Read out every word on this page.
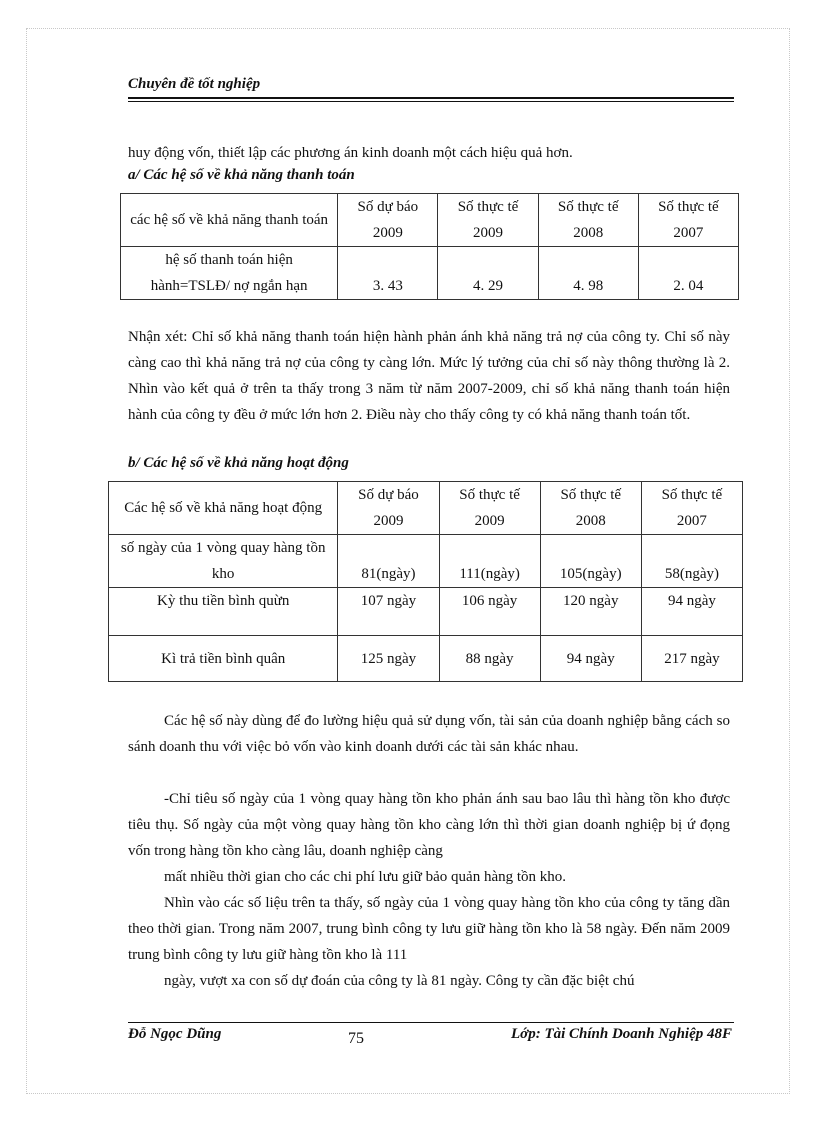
Chuyên đề tốt nghiệp
huy động vốn, thiết lập các phương án kinh doanh một cách hiệu quả hơn.
a/ Các hệ số về khả năng thanh toán
các hệ số về khả năng thanh toán	Số dự báo 2009	Số thực tế 2009	Số thực tế 2008	Số thực tế 2007
hệ số thanh toán hiện hành=TSLĐ/ nợ ngắn hạn	3. 43	4. 29	4. 98	2. 04
Nhận xét: Chỉ số khả năng thanh toán hiện hành phản ánh khả năng trả nợ của công ty. Chỉ số này càng cao thì khả năng trả nợ của công ty càng lớn. Mức lý tưởng của chỉ số này thông thường là 2. Nhìn vào kết quả ở trên ta thấy trong 3 năm từ năm 2007-2009, chỉ số khả năng thanh toán hiện hành của công ty đều ở mức lớn hơn 2. Điều này cho thấy công ty có khả năng thanh toán tốt.
b/ Các hệ số về khả năng hoạt động
Các hệ số về khả năng hoạt động	Số dự báo 2009	Số thực tế 2009	Số thực tế 2008	Số thực tế 2007
số ngày của 1 vòng quay hàng tồn kho	81(ngày)	111(ngày)	105(ngày)	58(ngày)
Kỳ thu tiền bình quừn	107 ngày	106 ngày	120 ngày	94 ngày
Kì trả tiền bình quân	125 ngày	88 ngày	94 ngày	217 ngày
Các hệ số này dùng để đo lường hiệu quả sử dụng vốn, tài sản của doanh nghiệp bằng cách so sánh doanh thu với việc bỏ vốn vào kinh doanh dưới các tài sản khác nhau.
-Chỉ tiêu số ngày của 1 vòng quay hàng tồn kho phản ánh sau bao lâu thì hàng tồn kho được tiêu thụ. Số ngày của một vòng quay hàng tồn kho càng lớn thì thời gian doanh nghiệp bị ứ đọng vốn trong hàng tồn kho càng lâu, doanh nghiệp càng
mất nhiều thời gian cho các chi phí lưu giữ bảo quản hàng tồn kho.
Nhìn vào các số liệu trên ta thấy, số ngày của 1 vòng quay hàng tồn kho của công ty tăng dần theo thời gian. Trong năm 2007, trung bình công ty lưu giữ hàng tồn kho là 58 ngày. Đến năm 2009 trung bình công ty lưu giữ hàng tồn kho là 111
ngày, vượt xa con số dự đoán của công ty là 81 ngày. Công ty cần đặc biệt chú
Đỗ Ngọc Dũng	75	Lớp: Tài Chính Doanh Nghiệp 48F
